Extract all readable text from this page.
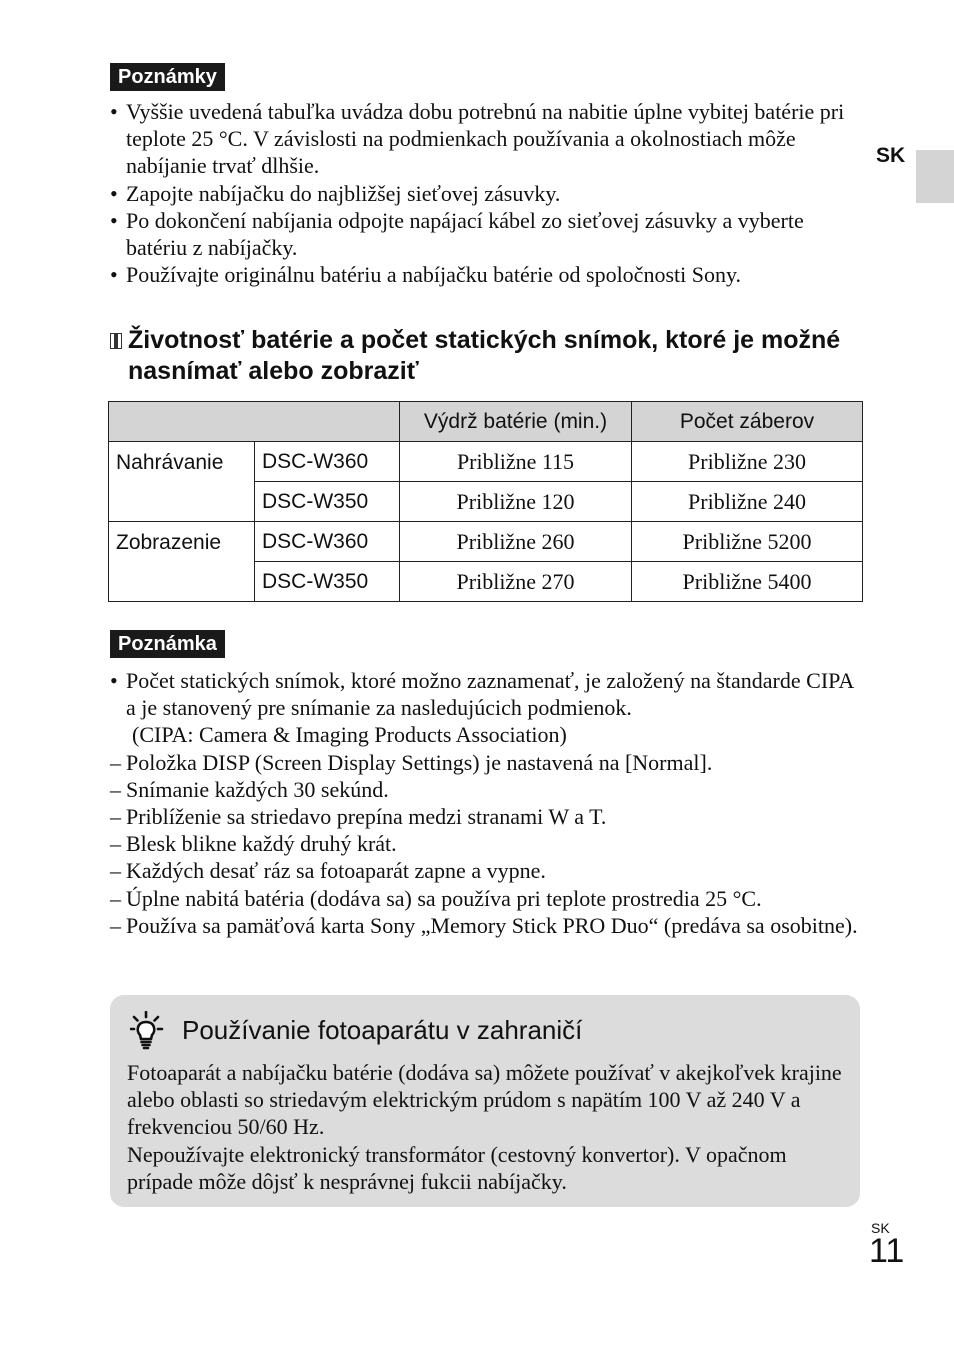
SK
Poznámky
• Vyššie uvedená tabuľka uvádza dobu potrebnú na nabitie úplne vybitej batérie pri teplote 25 °C. V závislosti na podmienkach používania a okolnostiach môže nabíjanie trvať dlhšie.
• Zapojte nabíjačku do najbližšej sieťovej zásuvky.
• Po dokončení nabíjania odpojte napájací kábel zo sieťovej zásuvky a vyberte batériu z nabíjačky.
• Používajte originálnu batériu a nabíjačku batérie od spoločnosti Sony.
Životnosť batérie a počet statických snímok, ktoré je možné nasnímať alebo zobraziť
		Výdrž batérie (min.)	Počet záberov
Nahrávanie	DSC-W360	Približne 115	Približne 230
	DSC-W350	Približne 120	Približne 240
Zobrazenie	DSC-W360	Približne 260	Približne 5200
	DSC-W350	Približne 270	Približne 5400
Poznámka
• Počet statických snímok, ktoré možno zaznamenať, je založený na štandarde CIPA a je stanovený pre snímanie za nasledujúcich podmienok.
(CIPA: Camera & Imaging Products Association)
– Položka DISP (Screen Display Settings) je nastavená na [Normal].
– Snímanie každých 30 sekúnd.
– Priblíženie sa striedavo prepína medzi stranami W a T.
– Blesk blikne každý druhý krát.
– Každých desať ráz sa fotoaparát zapne a vypne.
– Úplne nabitá batéria (dodáva sa) sa používa pri teplote prostredia 25 °C.
– Používa sa pamäťová karta Sony „Memory Stick PRO Duo“ (predáva sa osobitne).
Používanie fotoaparátu v zahraničí
Fotoaparát a nabíjačku batérie (dodáva sa) môžete používať v akejkoľvek krajine alebo oblasti so striedavým elektrickým prúdom s napätím 100 V až 240 V a frekvenciou 50/60 Hz.
Nepoužívajte elektronický transformátor (cestovný konvertor). V opačnom prípade môže dôjsť k nesprávnej fukcii nabíjačky.
SK
11
